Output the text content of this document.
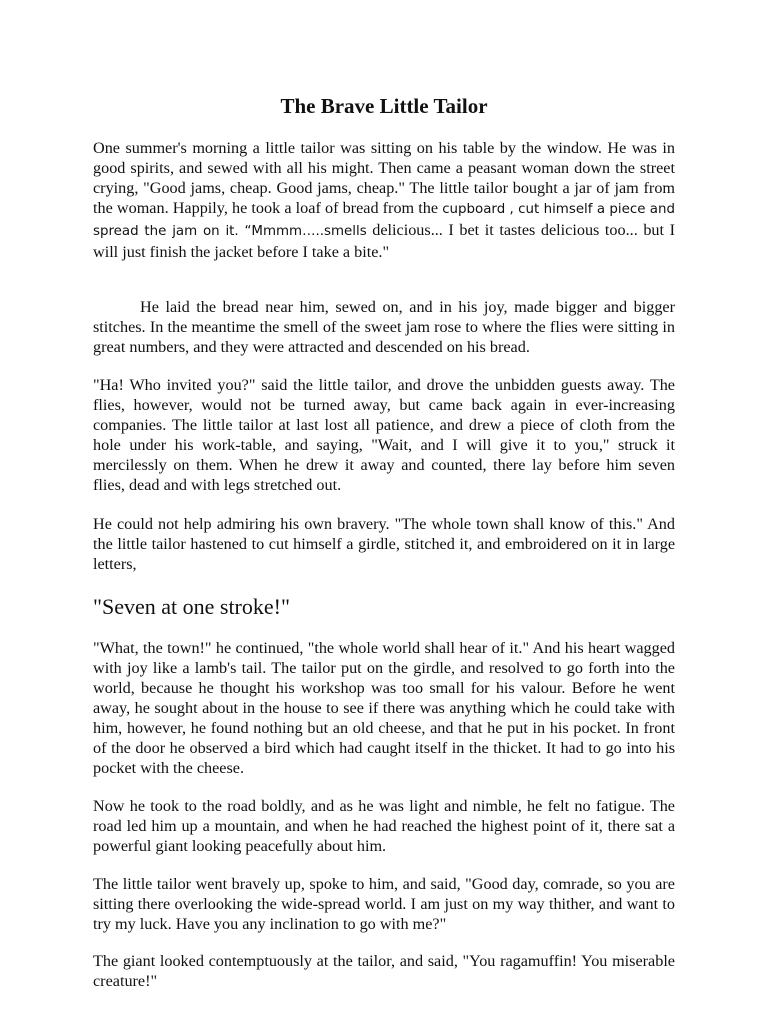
The Brave Little Tailor

One summer's morning a little tailor was sitting on his table by the window. He was in good spirits, and sewed with all his might. Then came a peasant woman down the street crying, "Good jams, cheap. Good jams, cheap." The little tailor bought a jar of jam from the woman. Happily, he took a loaf of bread from the cupboard , cut himself a piece and spread the jam on it. “Mmmm…..smells delicious... I bet it tastes delicious too... but I will just finish the jacket before I take a bite."

He laid the bread near him, sewed on, and in his joy, made bigger and bigger stitches. In the meantime the smell of the sweet jam rose to where the flies were sitting in great numbers, and they were attracted and descended on his bread.

"Ha! Who invited you?" said the little tailor, and drove the unbidden guests away. The flies, however, would not be turned away, but came back again in ever-increasing companies. The little tailor at last lost all patience, and drew a piece of cloth from the hole under his work-table, and saying, "Wait, and I will give it to you," struck it mercilessly on them. When he drew it away and counted, there lay before him seven flies, dead and with legs stretched out.

He could not help admiring his own bravery. "The whole town shall know of this." And the little tailor hastened to cut himself a girdle, stitched it, and embroidered on it in large letters,

"Seven at one stroke!"

"What, the town!" he continued, "the whole world shall hear of it." And his heart wagged with joy like a lamb's tail. The tailor put on the girdle, and resolved to go forth into the world, because he thought his workshop was too small for his valour. Before he went away, he sought about in the house to see if there was anything which he could take with him, however, he found nothing but an old cheese, and that he put in his pocket. In front of the door he observed a bird which had caught itself in the thicket. It had to go into his pocket with the cheese.

Now he took to the road boldly, and as he was light and nimble, he felt no fatigue. The road led him up a mountain, and when he had reached the highest point of it, there sat a powerful giant looking peacefully about him.

The little tailor went bravely up, spoke to him, and said, "Good day, comrade, so you are sitting there overlooking the wide-spread world. I am just on my way thither, and want to try my luck. Have you any inclination to go with me?"

The giant looked contemptuously at the tailor, and said, "You ragamuffin! You miserable creature!"
